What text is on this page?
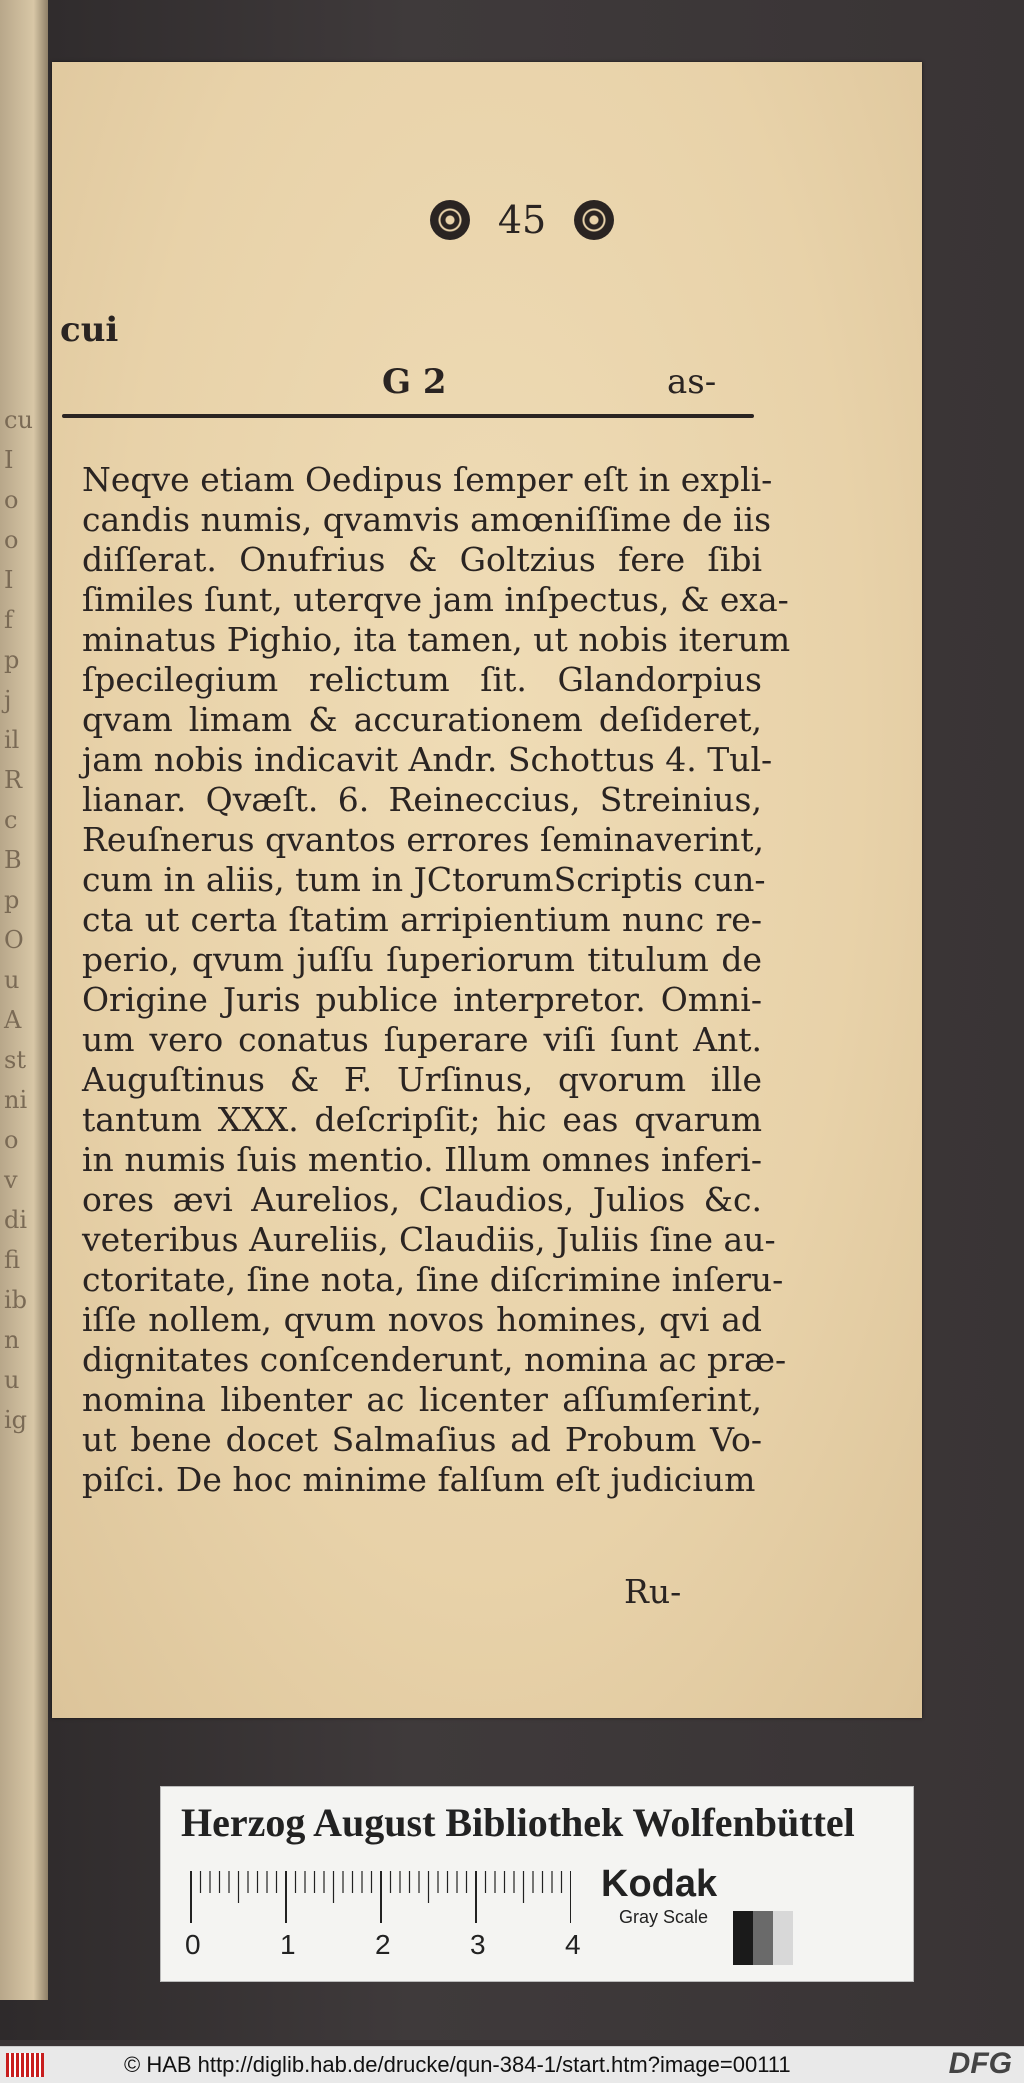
cu
I
o
o
I
f
p
j
il
R
c
B
p
O
u
A
st
ni
o
v
di
fi
ib
n
u
ig
45
cui
G 2	as-
Neqve etiam Oedipus ſemper eſt in expli-
candis numis, qvamvis amœniſſime de iis
diſſerat. Onufrius & Goltzius fere ſibi
ſimiles ſunt, uterqve jam inſpectus, & exa-
minatus Pighio, ita tamen, ut nobis iterum
ſpecilegium relictum ſit. Glandorpius
qvam limam & accurationem deſideret,
jam nobis indicavit Andr. Schottus 4. Tul-
lianar. Qvæſt. 6. Reineccius, Streinius,
Reuſnerus qvantos errores ſeminaverint,
cum in aliis, tum in JCtorumScriptis cun-
cta ut certa ſtatim arripientium nunc re-
perio, qvum juſſu ſuperiorum titulum de
Origine Juris publice interpretor. Omni-
um vero conatus ſuperare viſi ſunt Ant.
Auguſtinus & F. Urſinus, qvorum ille
tantum XXX. deſcripſit; hic eas qvarum
in numis ſuis mentio. Illum omnes inferi-
ores ævi Aurelios, Claudios, Julios &c.
veteribus Aureliis, Claudiis, Juliis ſine au-
ctoritate, ſine nota, ſine diſcrimine inſeru-
iſſe nollem, qvum novos homines, qvi ad
dignitates conſcenderunt, nomina ac præ-
nomina libenter ac licenter aſſumſerint,
ut bene docet Salmaſius ad Probum Vo-
piſci. De hoc minime falſum eſt judicium
Ru-
Herzog August Bibliothek Wolfenbüttel
0	1	2	3	4
Kodak
Gray Scale
© HAB http://diglib.hab.de/drucke/qun-384-1/start.htm?image=00111	DFG
